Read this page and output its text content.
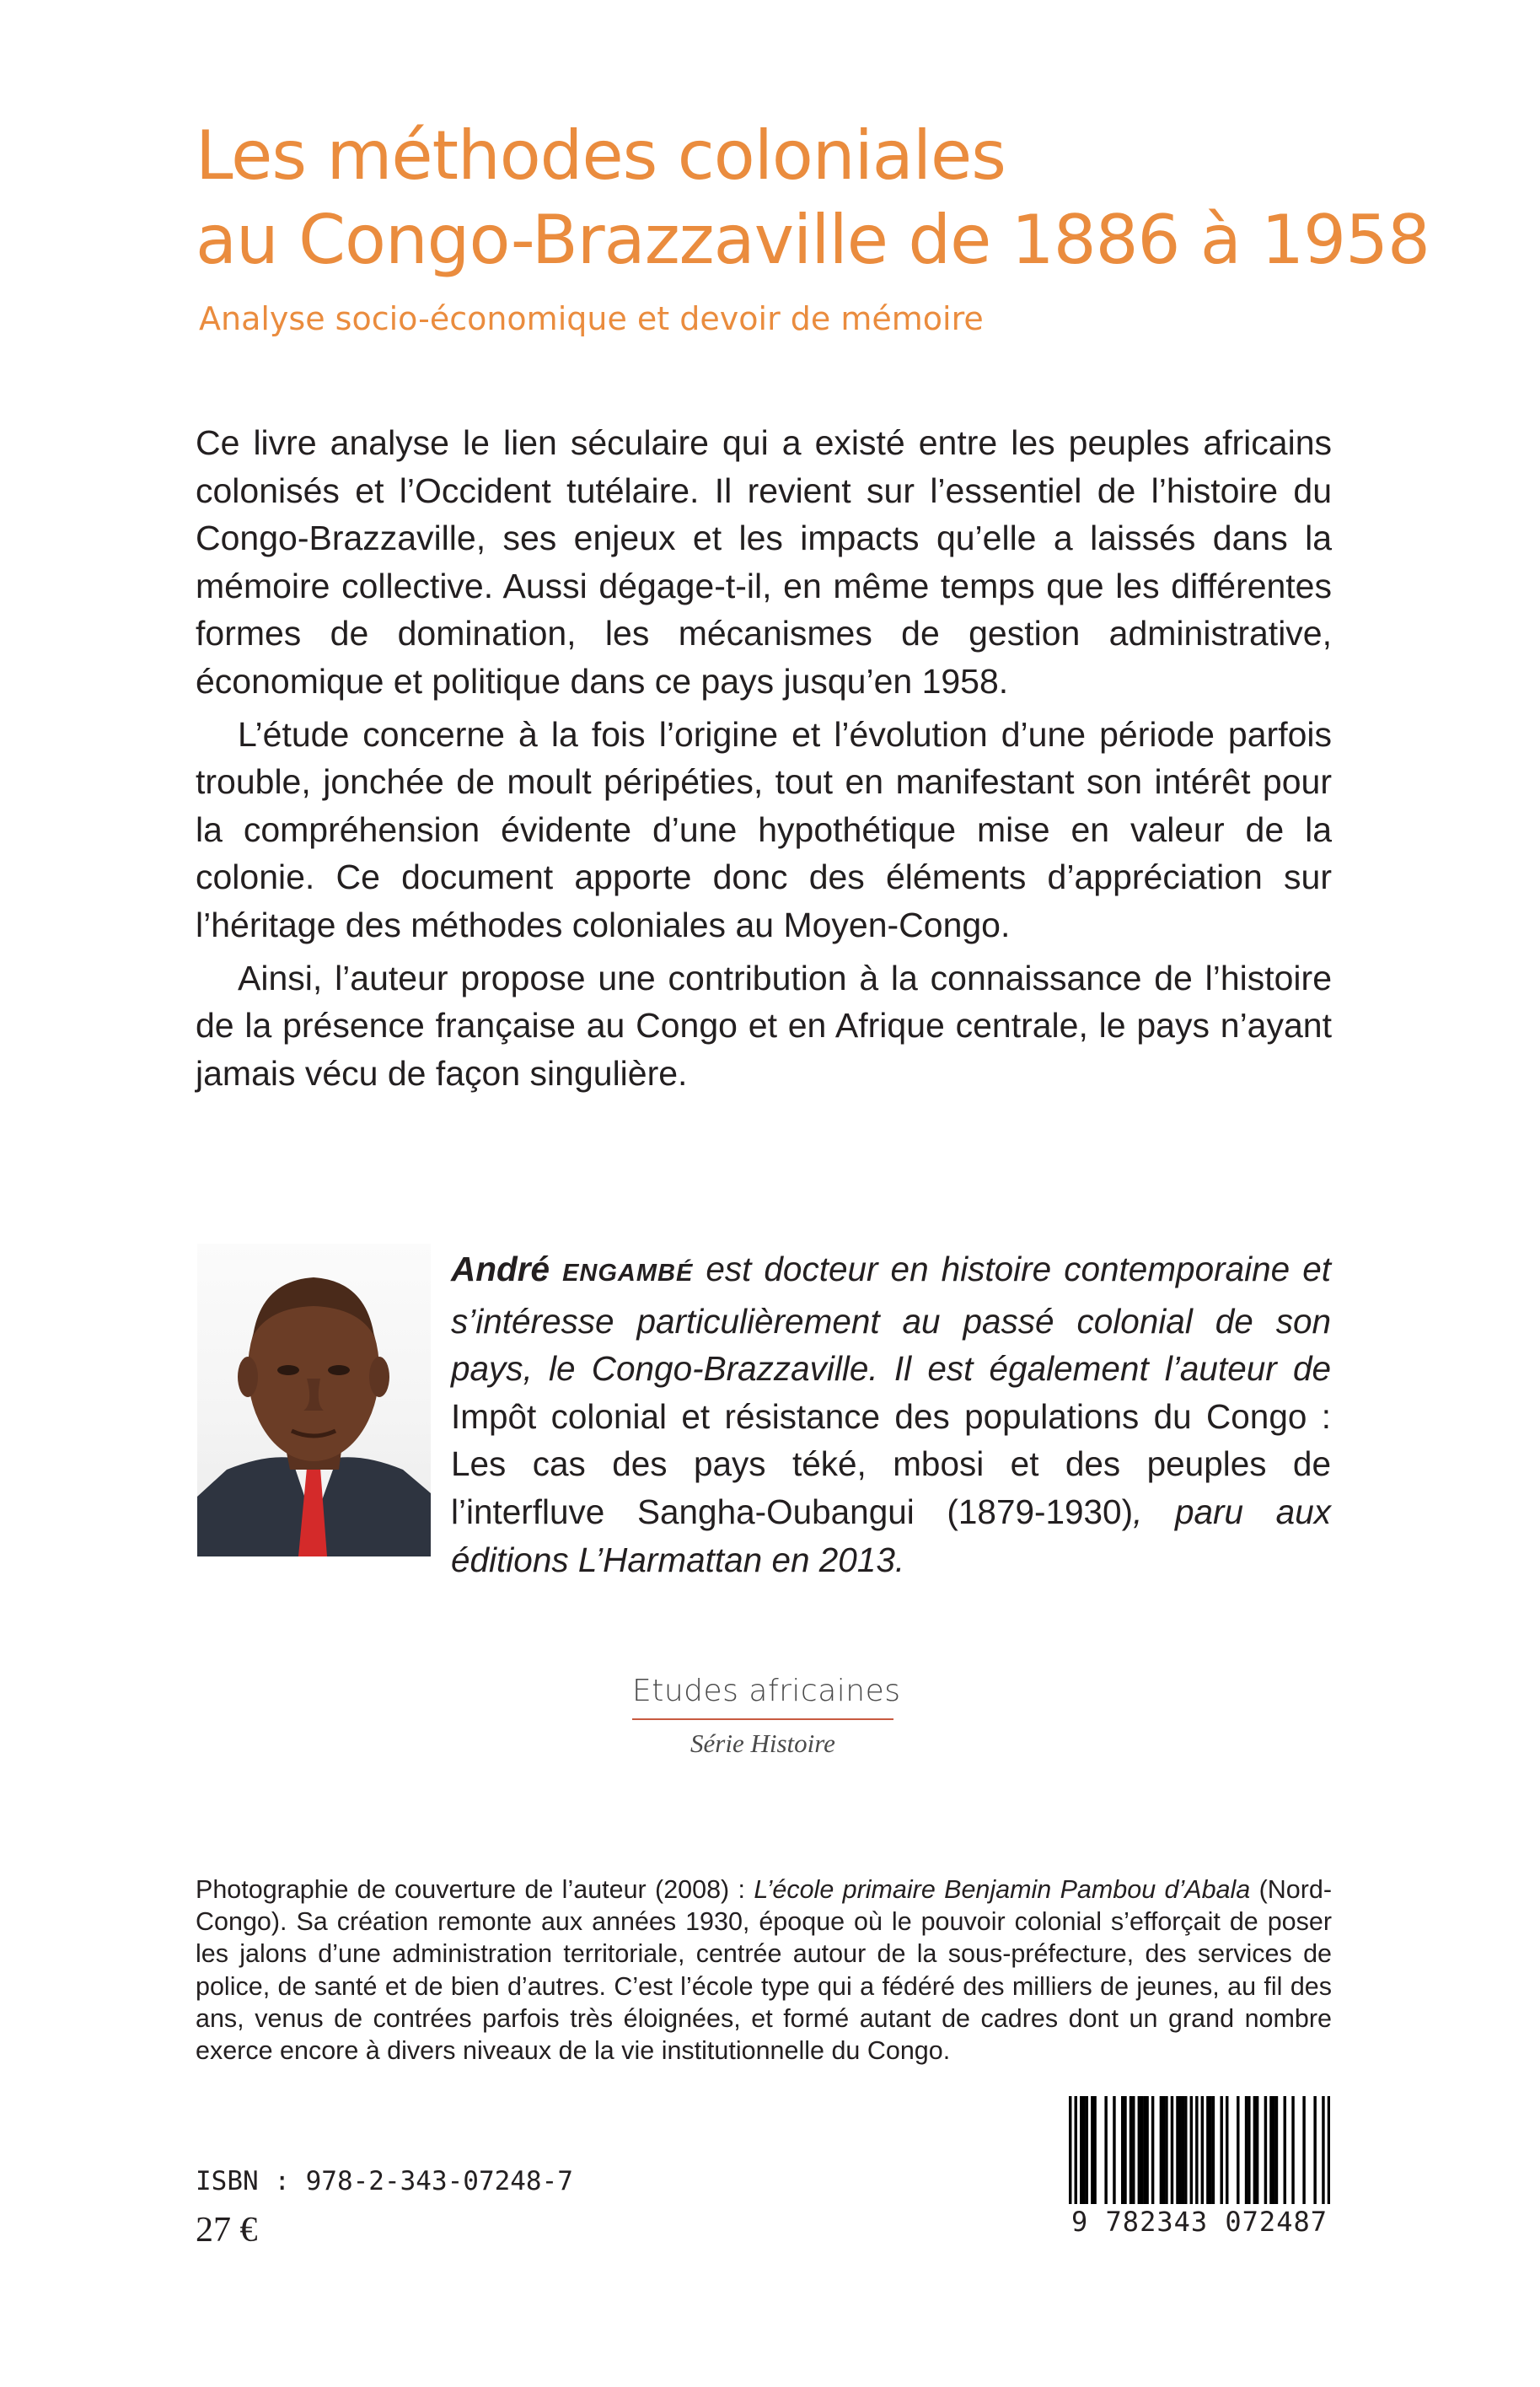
Les méthodes coloniales
au Congo-Brazzaville de 1886 à 1958
Analyse socio-économique et devoir de mémoire

Ce livre analyse le lien séculaire qui a existé entre les peuples africains colonisés et l’Occident tutélaire. Il revient sur l’essentiel de l’histoire du Congo-Brazzaville, ses enjeux et les impacts qu’elle a laissés dans la mémoire collective. Aussi dégage-t-il, en même temps que les différentes formes de domination, les mécanismes de gestion administrative, économique et politique dans ce pays jusqu’en 1958.

L’étude concerne à la fois l’origine et l’évolution d’une période parfois trouble, jonchée de moult péripéties, tout en manifestant son intérêt pour la compréhension évidente d’une hypothétique mise en valeur de la colonie. Ce document apporte donc des éléments d’appréciation sur l’héritage des méthodes coloniales au Moyen-Congo.

Ainsi, l’auteur propose une contribution à la connaissance de l’histoire de la présence française au Congo et en Afrique centrale, le pays n’ayant jamais vécu de façon singulière.

André ENGAMBÉ est docteur en histoire contemporaine et s’intéresse particulièrement au passé colonial de son pays, le Congo-Brazzaville. Il est également l’auteur de Impôt colonial et résistance des populations du Congo : Les cas des pays téké, mbosi et des peuples de l’interfluve Sangha-Oubangui (1879-1930), paru aux éditions L’Harmattan en 2013.

Etudes africaines
Série Histoire

Photographie de couverture de l’auteur (2008) : L’école primaire Benjamin Pambou d’Abala (Nord-Congo). Sa création remonte aux années 1930, époque où le pouvoir colonial s’efforçait de poser les jalons d’une administration territoriale, centrée autour de la sous-préfecture, des services de police, de santé et de bien d’autres. C’est l’école type qui a fédéré des milliers de jeunes, au fil des ans, venus de contrées parfois très éloignées, et formé autant de cadres dont un grand nombre exerce encore à divers niveaux de la vie institutionnelle du Congo.

ISBN : 978-2-343-07248-7
27 €	9 782343 072487
